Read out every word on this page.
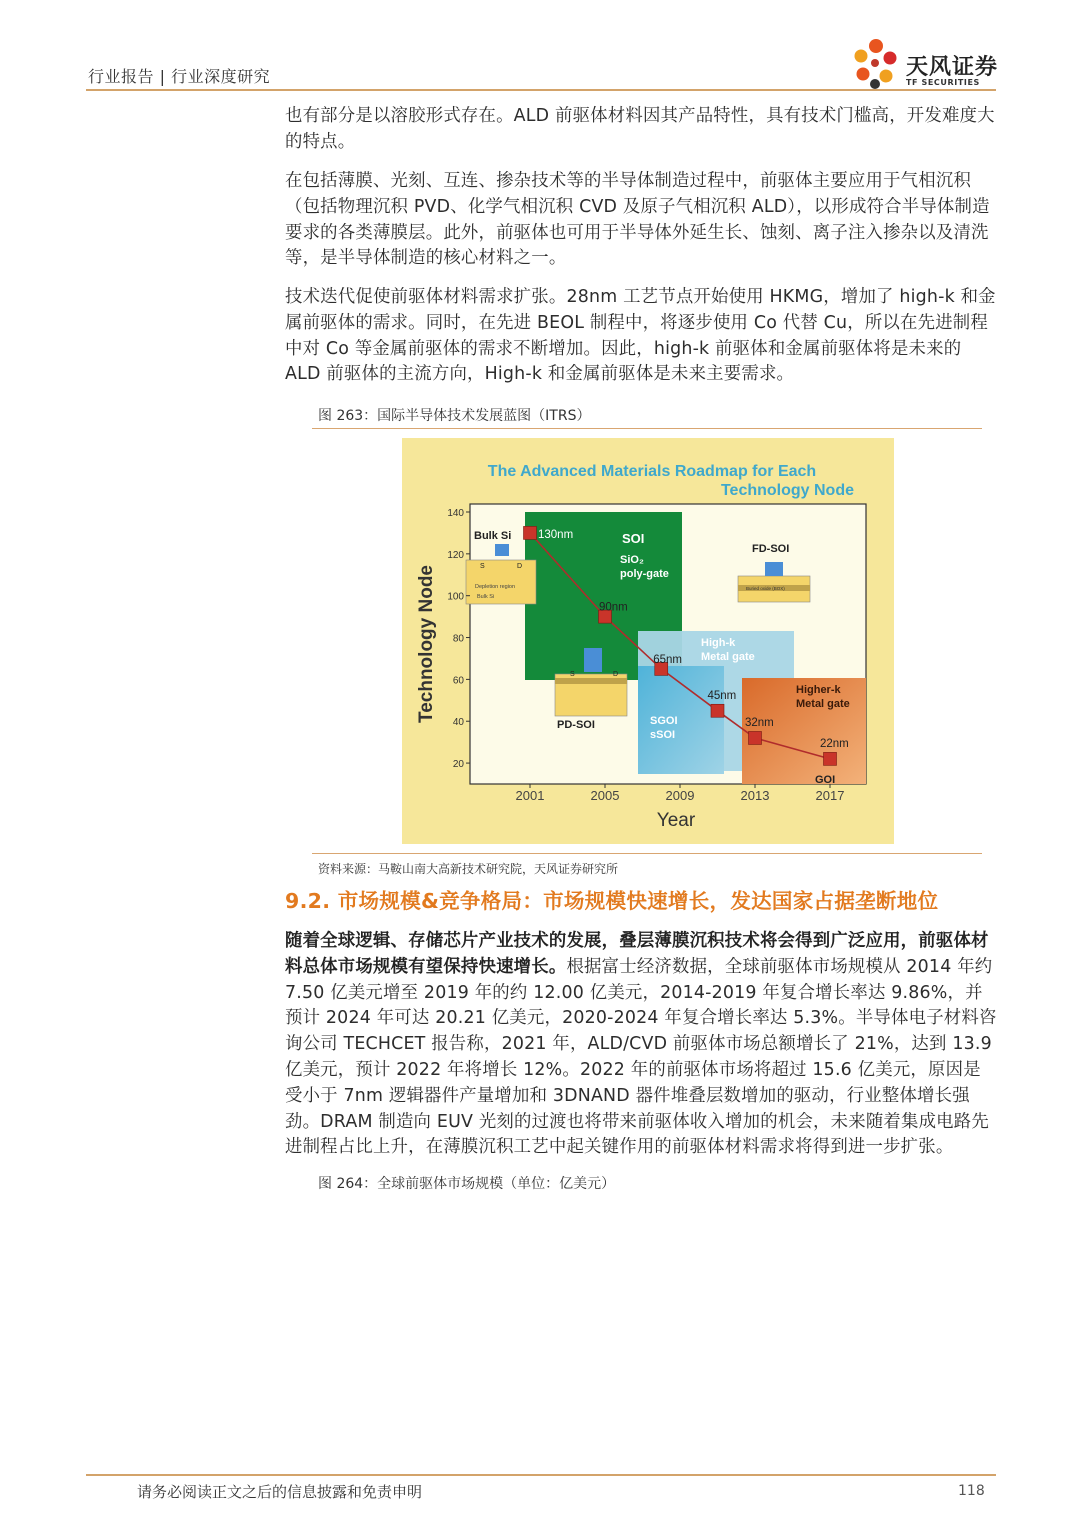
行业报告 | 行业深度研究	天风证券
TF SECURITIES

也有部分是以溶胶形式存在。ALD 前驱体材料因其产品特性，具有技术门槛高，开发难度大的特点。

在包括薄膜、光刻、互连、掺杂技术等的半导体制造过程中，前驱体主要应用于气相沉积（包括物理沉积 PVD、化学气相沉积 CVD 及原子气相沉积 ALD），以形成符合半导体制造要求的各类薄膜层。此外，前驱体也可用于半导体外延生长、蚀刻、离子注入掺杂以及清洗等，是半导体制造的核心材料之一。

技术迭代促使前驱体材料需求扩张。28nm 工艺节点开始使用 HKMG，增加了 high-k 和金属前驱体的需求。同时，在先进 BEOL 制程中，将逐步使用 Co 代替 Cu，所以在先进制程中对 Co 等金属前驱体的需求不断增加。因此，high-k 前驱体和金属前驱体将是未来的 ALD 前驱体的主流方向，High-k 和金属前驱体是未来主要需求。

图 263：国际半导体技术发展蓝图（ITRS）
The Advanced Materials Roadmap for Each
Technology Node
SOI
SiO₂
poly-gate
High-k
Metal gate
SGOI
sSOI
Higher-k
Metal gate
Bulk Si
S	D
Depletion region
Bulk Si
FD-SOI
Buried oxide (BOX)
PD-SOI
S	D
GOI
20
40
60
80
100
120
140
2001	2005	2009	2013	2017
130nm
90nm
65nm
45nm
32nm
22nm
Technology Node
Year
资料来源：马鞍山南大高新技术研究院，天风证券研究所
9.2. 市场规模&竞争格局：市场规模快速增长，发达国家占据垄断地位

随着全球逻辑、存储芯片产业技术的发展，叠层薄膜沉积技术将会得到广泛应用，前驱体材料总体市场规模有望保持快速增长。根据富士经济数据，全球前驱体市场规模从 2014 年约 7.50 亿美元增至 2019 年的约 12.00 亿美元，2014-2019 年复合增长率达 9.86%，并预计 2024 年可达 20.21 亿美元，2020-2024 年复合增长率达 5.3%。半导体电子材料咨询公司 TECHCET 报告称，2021 年，ALD/CVD 前驱体市场总额增长了 21%，达到 13.9 亿美元，预计 2022 年将增长 12%。2022 年的前驱体市场将超过 15.6 亿美元，原因是受小于 7nm 逻辑器件产量增加和 3DNAND 器件堆叠层数增加的驱动，行业整体增长强劲。DRAM 制造向 EUV 光刻的过渡也将带来前驱体收入增加的机会，未来随着集成电路先进制程占比上升，在薄膜沉积工艺中起关键作用的前驱体材料需求将得到进一步扩张。

图 264：全球前驱体市场规模（单位：亿美元）
请务必阅读正文之后的信息披露和免责申明	118
